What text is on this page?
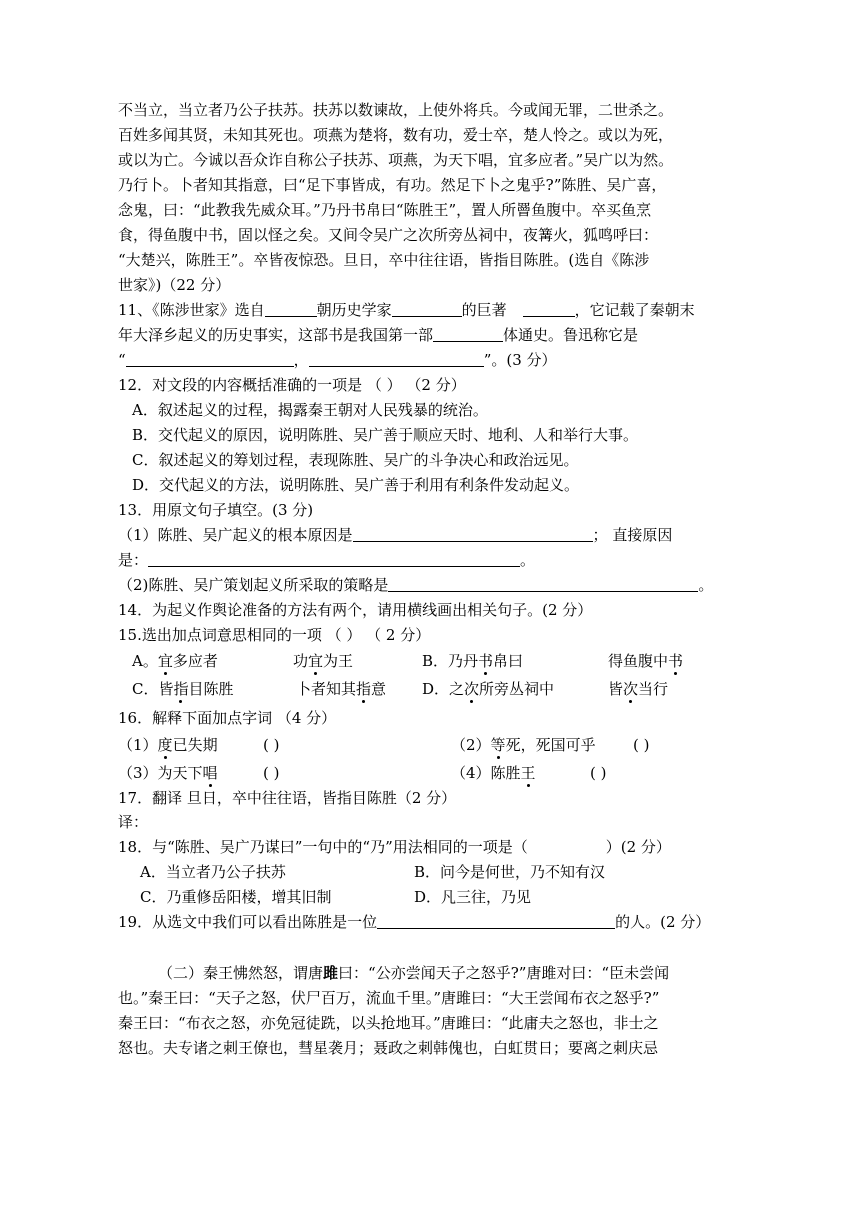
不当立，当立者乃公子扶苏。扶苏以数谏故，上使外将兵。今或闻无罪，二世杀之。
百姓多闻其贤，未知其死也。项燕为楚将，数有功，爱士卒，楚人怜之。或以为死，
或以为亡。今诚以吾众诈自称公子扶苏、项燕，为天下唱，宜多应者。”吴广以为然。
乃行卜。卜者知其指意，曰“足下事皆成，有功。然足下卜之鬼乎?”陈胜、吴广喜，
念鬼，曰：“此教我先威众耳。”乃丹书帛曰“陈胜王”，置人所罾鱼腹中。卒买鱼烹
食，得鱼腹中书，固以怪之矣。又间令吴广之次所旁丛祠中，夜篝火，狐鸣呼曰：
“大楚兴，陈胜王”。卒皆夜惊恐。旦日，卒中往往语，皆指目陈胜。(选自《陈涉
世家》)（22 分）
11、《陈涉世家》选自	朝历史学家	的巨著	，它记载了秦朝末
年大泽乡起义的历史事实，这部书是我国第一部	体通史。鲁迅称它是
“	，	”。(3 分）
12．对文段的内容概括准确的一项是 （ ） （2 分）
A．叙述起义的过程，揭露秦王朝对人民残暴的统治。
B．交代起义的原因，说明陈胜、吴广善于顺应天时、地利、人和举行大事。
C．叙述起义的筹划过程，表现陈胜、吴广的斗争决心和政治远见。
D．交代起义的方法，说明陈胜、吴广善于利用有利条件发动起义。
13．用原文句子填空。(3 分)
（1）陈胜、吴广起义的根本原因是	； 直接原因
是：	。
（2)陈胜、吴广策划起义所采取的策略是	。
14．为起义作舆论准备的方法有两个，请用横线画出相关句子。(2 分）
15.选出加点词意思相同的一项 （ ） （ 2 分）
A。宜多应者	功宜为王	B．乃丹书帛曰	得鱼腹中书
C．皆指目陈胜	卜者知其指意 D．之次所旁丛祠中	皆次当行
16．解释下面加点字词 （4 分）
（1）度已失期	( )	（2）等死，死国可乎 ( )
（3）为天下唱	( )	（4）陈胜王	( )
17．翻译 旦日，卒中往往语，皆指目陈胜（2 分）
译：
18．与“陈胜、吴广乃谋曰”一句中的“乃”用法相同的一项是（	）(2 分）
A．当立者乃公子扶苏	B．问今是何世，乃不知有汉
C．乃重修岳阳楼，增其旧制	D．凡三往，乃见
19．从选文中我们可以看出陈胜是一位	的人。(2 分）
（二）秦王怫然怒，谓唐雎曰：“公亦尝闻天子之怒乎?”唐雎对曰：“臣未尝闻
也。”秦王曰：“天子之怒，伏尸百万，流血千里。”唐雎曰：“大王尝闻布衣之怒乎?”
秦王曰：“布衣之怒，亦免冠徒跣，以头抢地耳。”唐雎曰：“此庸夫之怒也，非士之
怒也。夫专诸之刺王僚也，彗星袭月；聂政之刺韩傀也，白虹贯日；要离之刺庆忌
